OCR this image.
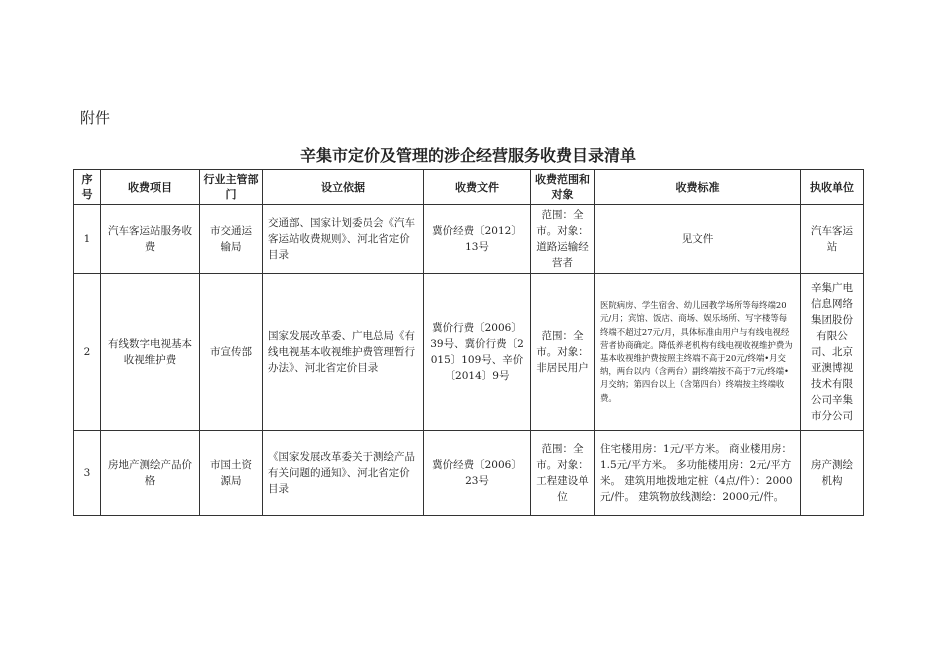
附件
辛集市定价及管理的涉企经营服务收费目录清单
序号	收费项目	行业主管部门	设立依据	收费文件	收费范围和对象	收费标准	执收单位
1	汽车客运站服务收费	市交通运输局	交通部、国家计划委员会《汽车客运站收费规则》、河北省定价目录	冀价经费〔2012〕13号	范围：全市。对象：道路运输经营者	见文件	汽车客运站
2	有线数字电视基本收视维护费	市宣传部	国家发展改革委、广电总局《有线电视基本收视维护费管理暂行办法》、河北省定价目录	冀价行费〔2006〕39号、冀价行费〔2015〕109号、辛价〔2014〕9号	范围：全市。对象：非居民用户	医院病房、学生宿舍、幼儿园教学场所等每终端20元/月；宾馆、饭店、商场、娱乐场所、写字楼等每终端不超过27元/月，具体标准由用户与有线电视经营者协商确定。降低养老机构有线电视收视维护费为基本收视维护费按照主终端不高于20元/终端•月交纳，两台以内（含两台）副终端按不高于7元/终端•月交纳；第四台以上（含第四台）终端按主终端收费。	辛集广电信息网络集团股份有限公司、北京亚澳博视技术有限公司辛集市分公司
3	房地产测绘产品价格	市国土资源局	《国家发展改革委关于测绘产品有关问题的通知》、河北省定价目录	冀价经费〔2006〕23号	范围：全市。对象：工程建设单位	住宅楼用房：1元/平方米。 商业楼用房：1.5元/平方米。 多功能楼用房：2元/平方米。 建筑用地拨地定桩（4点/件）：2000元/件。 建筑物放线测绘：2000元/件。	房产测绘机构
